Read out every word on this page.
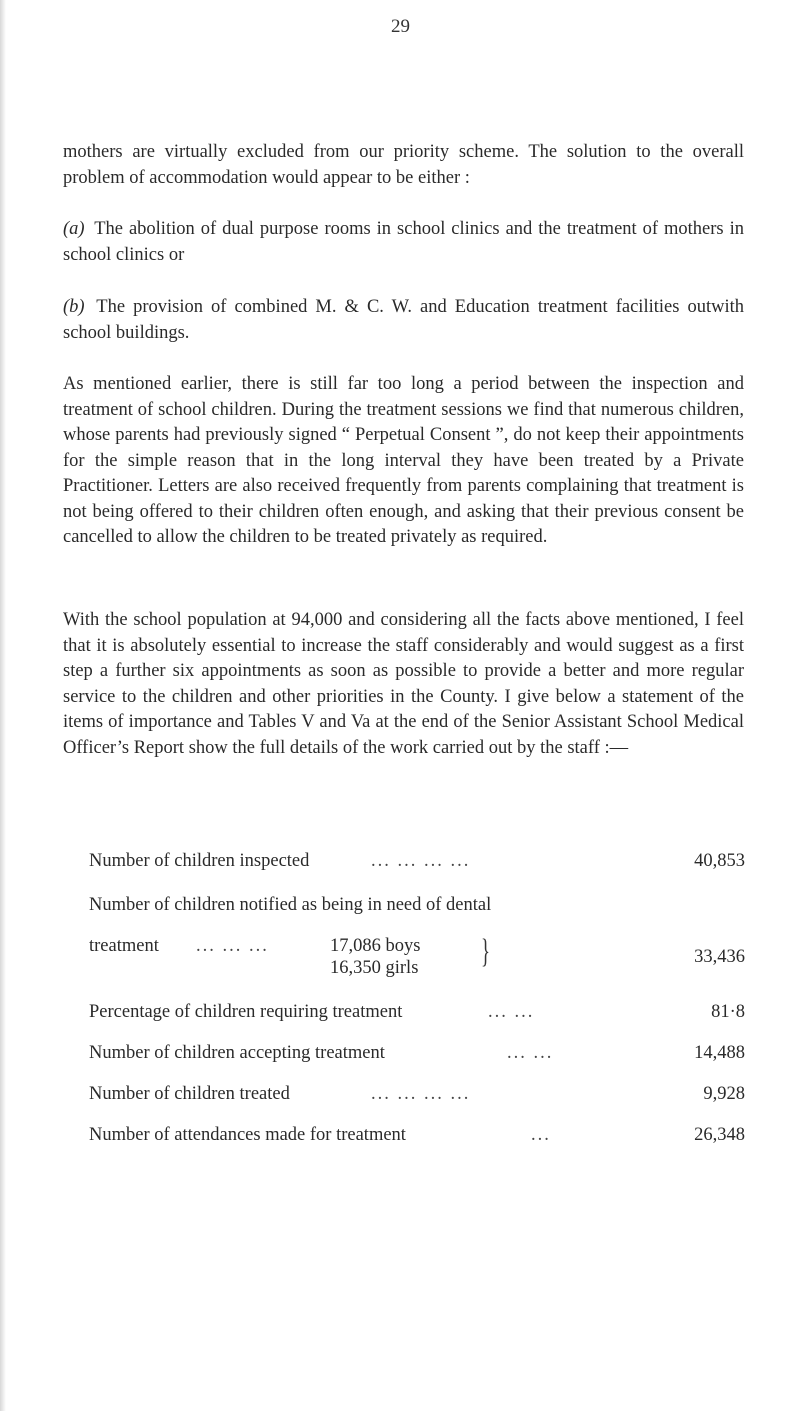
29

mothers are virtually excluded from our priority scheme. The solution to the overall problem of accommodation would appear to be either :

(a) The abolition of dual purpose rooms in school clinics and the treatment of mothers in school clinics or

(b) The provision of combined M. & C. W. and Education treatment facilities outwith school buildings.

As mentioned earlier, there is still far too long a period between the inspection and treatment of school children. During the treatment sessions we find that numerous children, whose parents had previously signed “ Perpetual Consent ”, do not keep their appointments for the simple reason that in the long interval they have been treated by a Private Practitioner. Letters are also received frequently from parents complaining that treatment is not being offered to their children often enough, and asking that their previous consent be cancelled to allow the children to be treated privately as required.

With the school population at 94,000 and considering all the facts above mentioned, I feel that it is absolutely essential to increase the staff considerably and would suggest as a first step a further six appointments as soon as possible to provide a better and more regular service to the children and other priorities in the County. I give below a statement of the items of importance and Tables V and Va at the end of the Senior Assistant School Medical Officer’s Report show the full details of the work carried out by the staff :—

Number of children inspected	... ... ... ...	40,853
Number of children notified as being in need of dental
treatment ... ... ...	17,086 boys
16,350 girls }	33,436
Percentage of children requiring treatment	... ...	81·8
Number of children accepting treatment	... ...	14,488
Number of children treated	... ... ... ...	9,928
Number of attendances made for treatment	...	26,348
